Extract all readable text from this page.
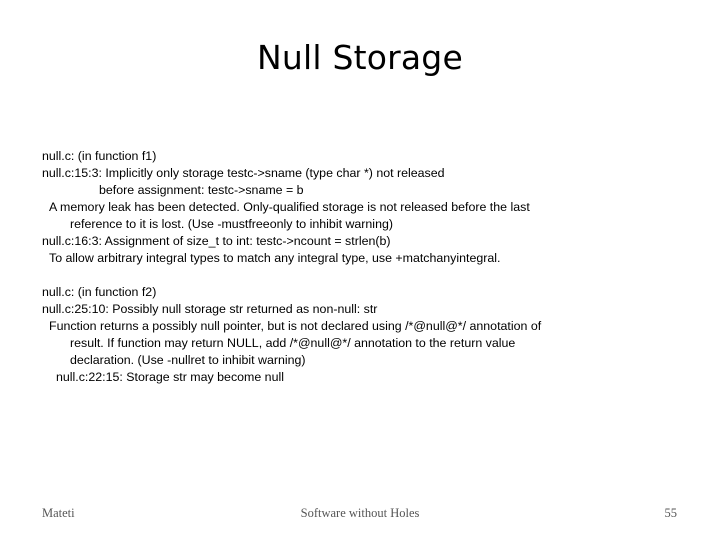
Null Storage
null.c: (in function f1)
null.c:15:3: Implicitly only storage testc->sname (type char *) not released
before assignment: testc->sname = b
A memory leak has been detected. Only-qualified storage is not released before the last
reference to it is lost. (Use -mustfreeonly to inhibit warning)
null.c:16:3: Assignment of size_t to int: testc->ncount = strlen(b)
To allow arbitrary integral types to match any integral type, use +matchanyintegral.
null.c: (in function f2)
null.c:25:10: Possibly null storage str returned as non-null: str
Function returns a possibly null pointer, but is not declared using /*@null@*/ annotation of
result. If function may return NULL, add /*@null@*/ annotation to the return value
declaration. (Use -nullret to inhibit warning)
null.c:22:15: Storage str may become null
Mateti	Software without Holes	55
